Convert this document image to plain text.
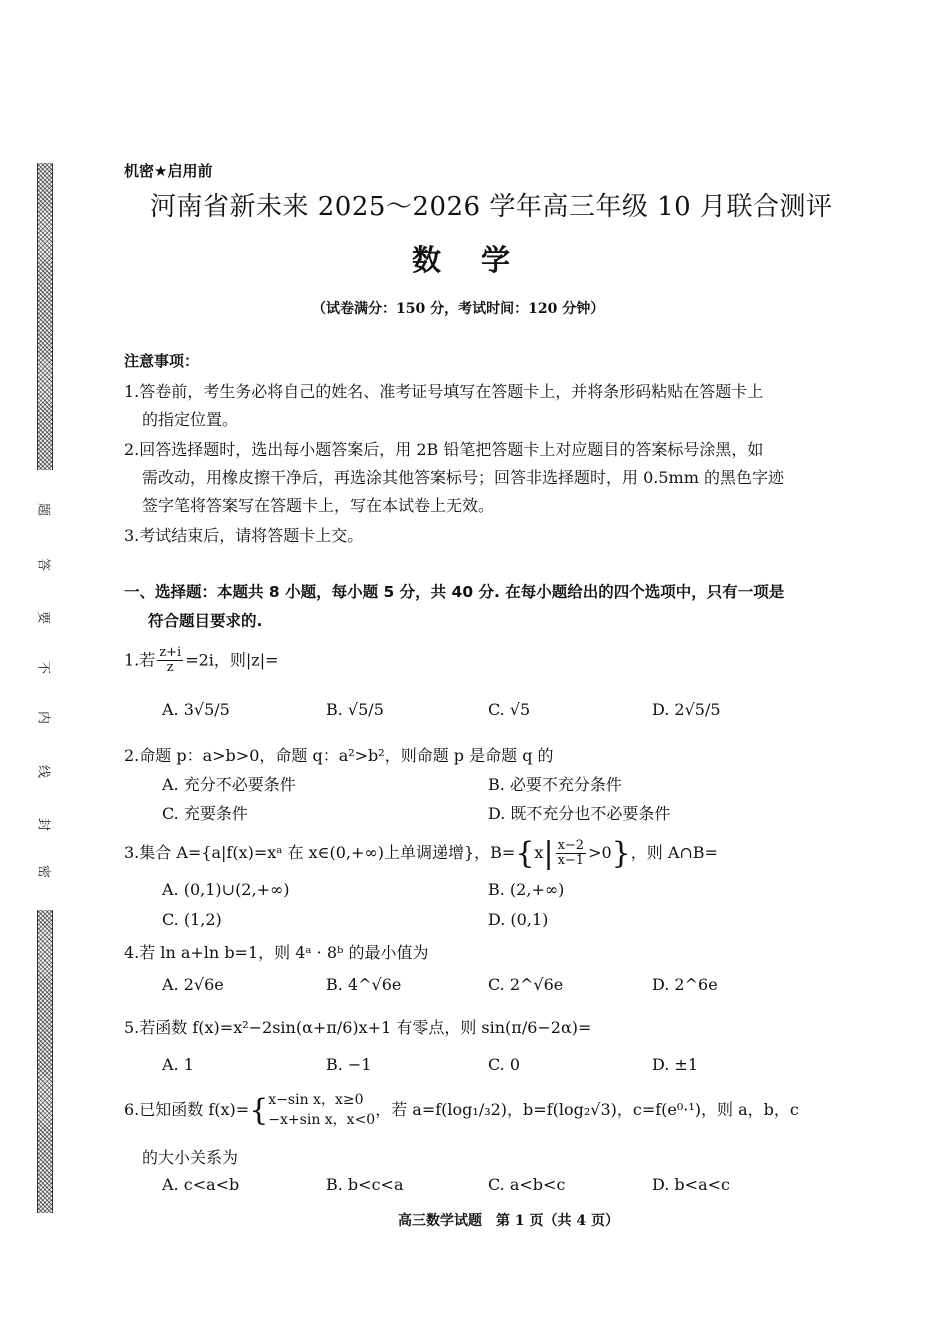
题
答
要
不
内
线
封
密
机密★启用前
河南省新未来 2025～2026 学年高三年级 10 月联合测评
数学
（试卷满分：150 分，考试时间：120 分钟）
注意事项：
1.答卷前，考生务必将自己的姓名、准考证号填写在答题卡上，并将条形码粘贴在答题卡上
的指定位置。
2.回答选择题时，选出每小题答案后，用 2B 铅笔把答题卡上对应题目的答案标号涂黑，如
需改动，用橡皮擦干净后，再选涂其他答案标号；回答非选择题时，用 0.5mm 的黑色字迹
签字笔将答案写在答题卡上，写在本试卷上无效。
3.考试结束后，请将答题卡上交。
一、选择题：本题共 8 小题，每小题 5 分，共 40 分. 在每小题给出的四个选项中，只有一项是
符合题目要求的.
1.若 $\frac{z+i}{z} =2i$，则|z|=
A. 3√5/5	B. √5/5	C. √5	D. 2√5/5
2.命题 p：a>b>0，命题 q：a²>b²，则命题 p 是命题 q 的
A. 充分不必要条件	B. 必要不充分条件
C. 充要条件	D. 既不充分也不必要条件
3.集合 A={a|f(x)=xᵃ 在 x∈(0,+∞)上单调递增}，$B=\{x| \frac{x-2}{x-1} >0\}$，则 A∩B=
A. (0,1)∪(2,+∞)	B. (2,+∞)
C. (1,2)	D. (0,1)
4.若 ln a+ln b=1，则 4ᵃ · 8ᵇ 的最小值为
A. 2√6e	B. 4^√6e	C. 2^√6e	D. 2^6e
5.若函数 f(x)=x²−2sin(α+π/6)x+1 有零点，则 sin(π/6−2α)=
A. 1	B. −1	C. 0	D. ±1
6.已知函数 f(x)={ x−sin x，x≥0
−x+sin x，x<0
，若 a=f(log₁/₃2)，b=f(log₂√3)，c=f(e⁰·¹)，则 a，b，c
的大小关系为
A. c<a<b	B. b<c<a	C. a<b<c	D. b<a<c
高三数学试题　第 1 页（共 4 页）
